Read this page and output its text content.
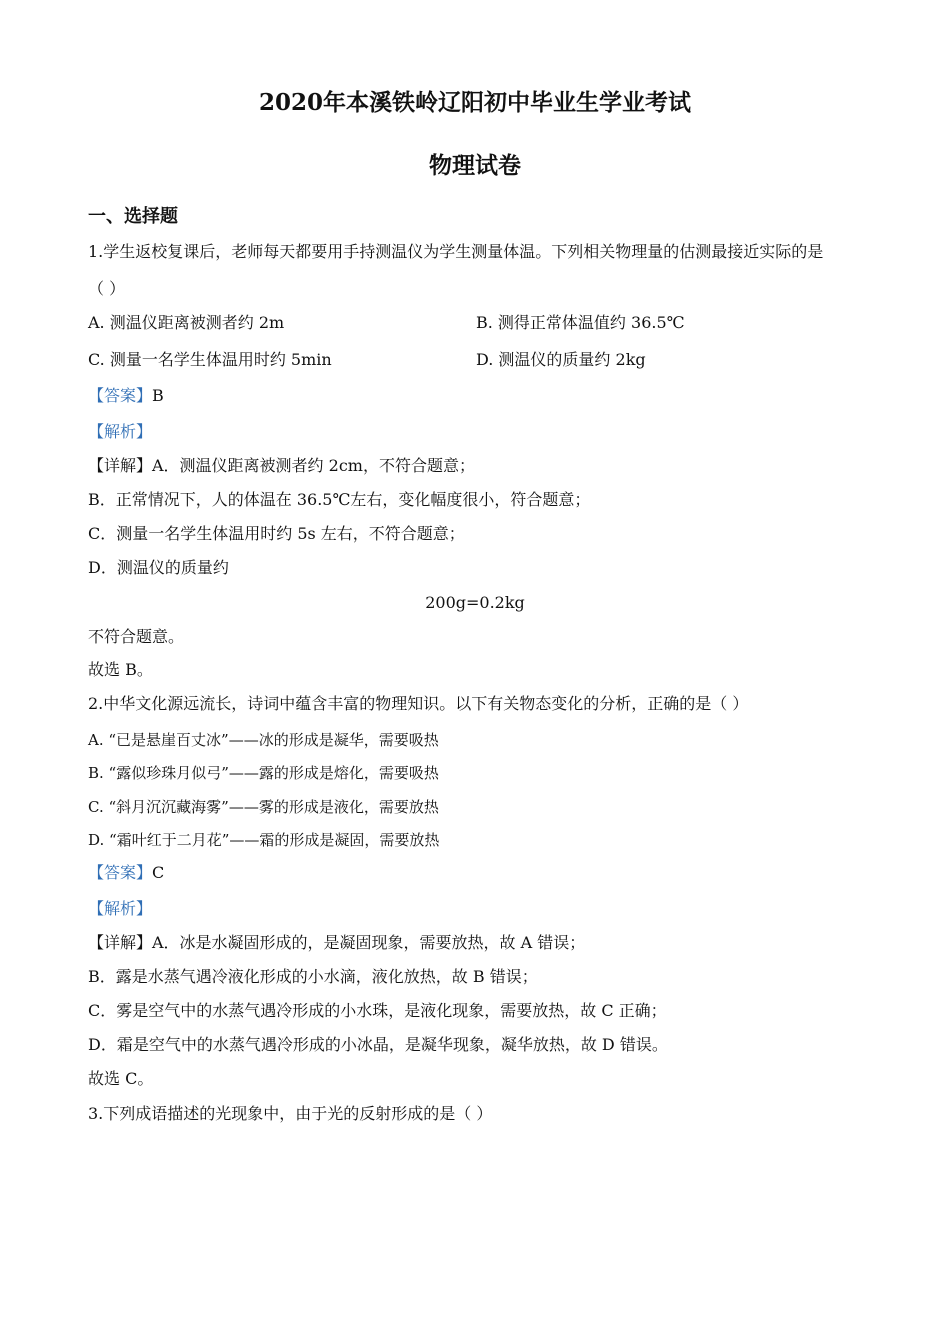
2020年本溪铁岭辽阳初中毕业生学业考试
物理试卷
一、选择题
1.学生返校复课后，老师每天都要用手持测温仪为学生测量体温。下列相关物理量的估测最接近实际的是
（ ）
A. 测温仪距离被测者约 2m	B. 测得正常体温值约 36.5℃
C. 测量一名学生体温用时约 5min	D. 测温仪的质量约 2kg
【答案】B
【解析】
【详解】A．测温仪距离被测者约 2cm，不符合题意；
B．正常情况下，人的体温在 36.5℃左右，变化幅度很小，符合题意；
C．测量一名学生体温用时约 5s 左右，不符合题意；
D．测温仪的质量约
200g=0.2kg
不符合题意。
故选 B。
2.中华文化源远流长，诗词中蕴含丰富的物理知识。以下有关物态变化的分析，正确的是（ ）
A. “已是悬崖百丈冰”——冰的形成是凝华，需要吸热
B. “露似珍珠月似弓”——露的形成是熔化，需要吸热
C. “斜月沉沉藏海雾”——雾的形成是液化，需要放热
D. “霜叶红于二月花”——霜的形成是凝固，需要放热
【答案】C
【解析】
【详解】A．冰是水凝固形成的，是凝固现象，需要放热，故 A 错误；
B．露是水蒸气遇冷液化形成的小水滴，液化放热，故 B 错误；
C．雾是空气中的水蒸气遇冷形成的小水珠，是液化现象，需要放热，故 C 正确；
D．霜是空气中的水蒸气遇冷形成的小冰晶，是凝华现象，凝华放热，故 D 错误。
故选 C。
3.下列成语描述的光现象中，由于光的反射形成的是（ ）
